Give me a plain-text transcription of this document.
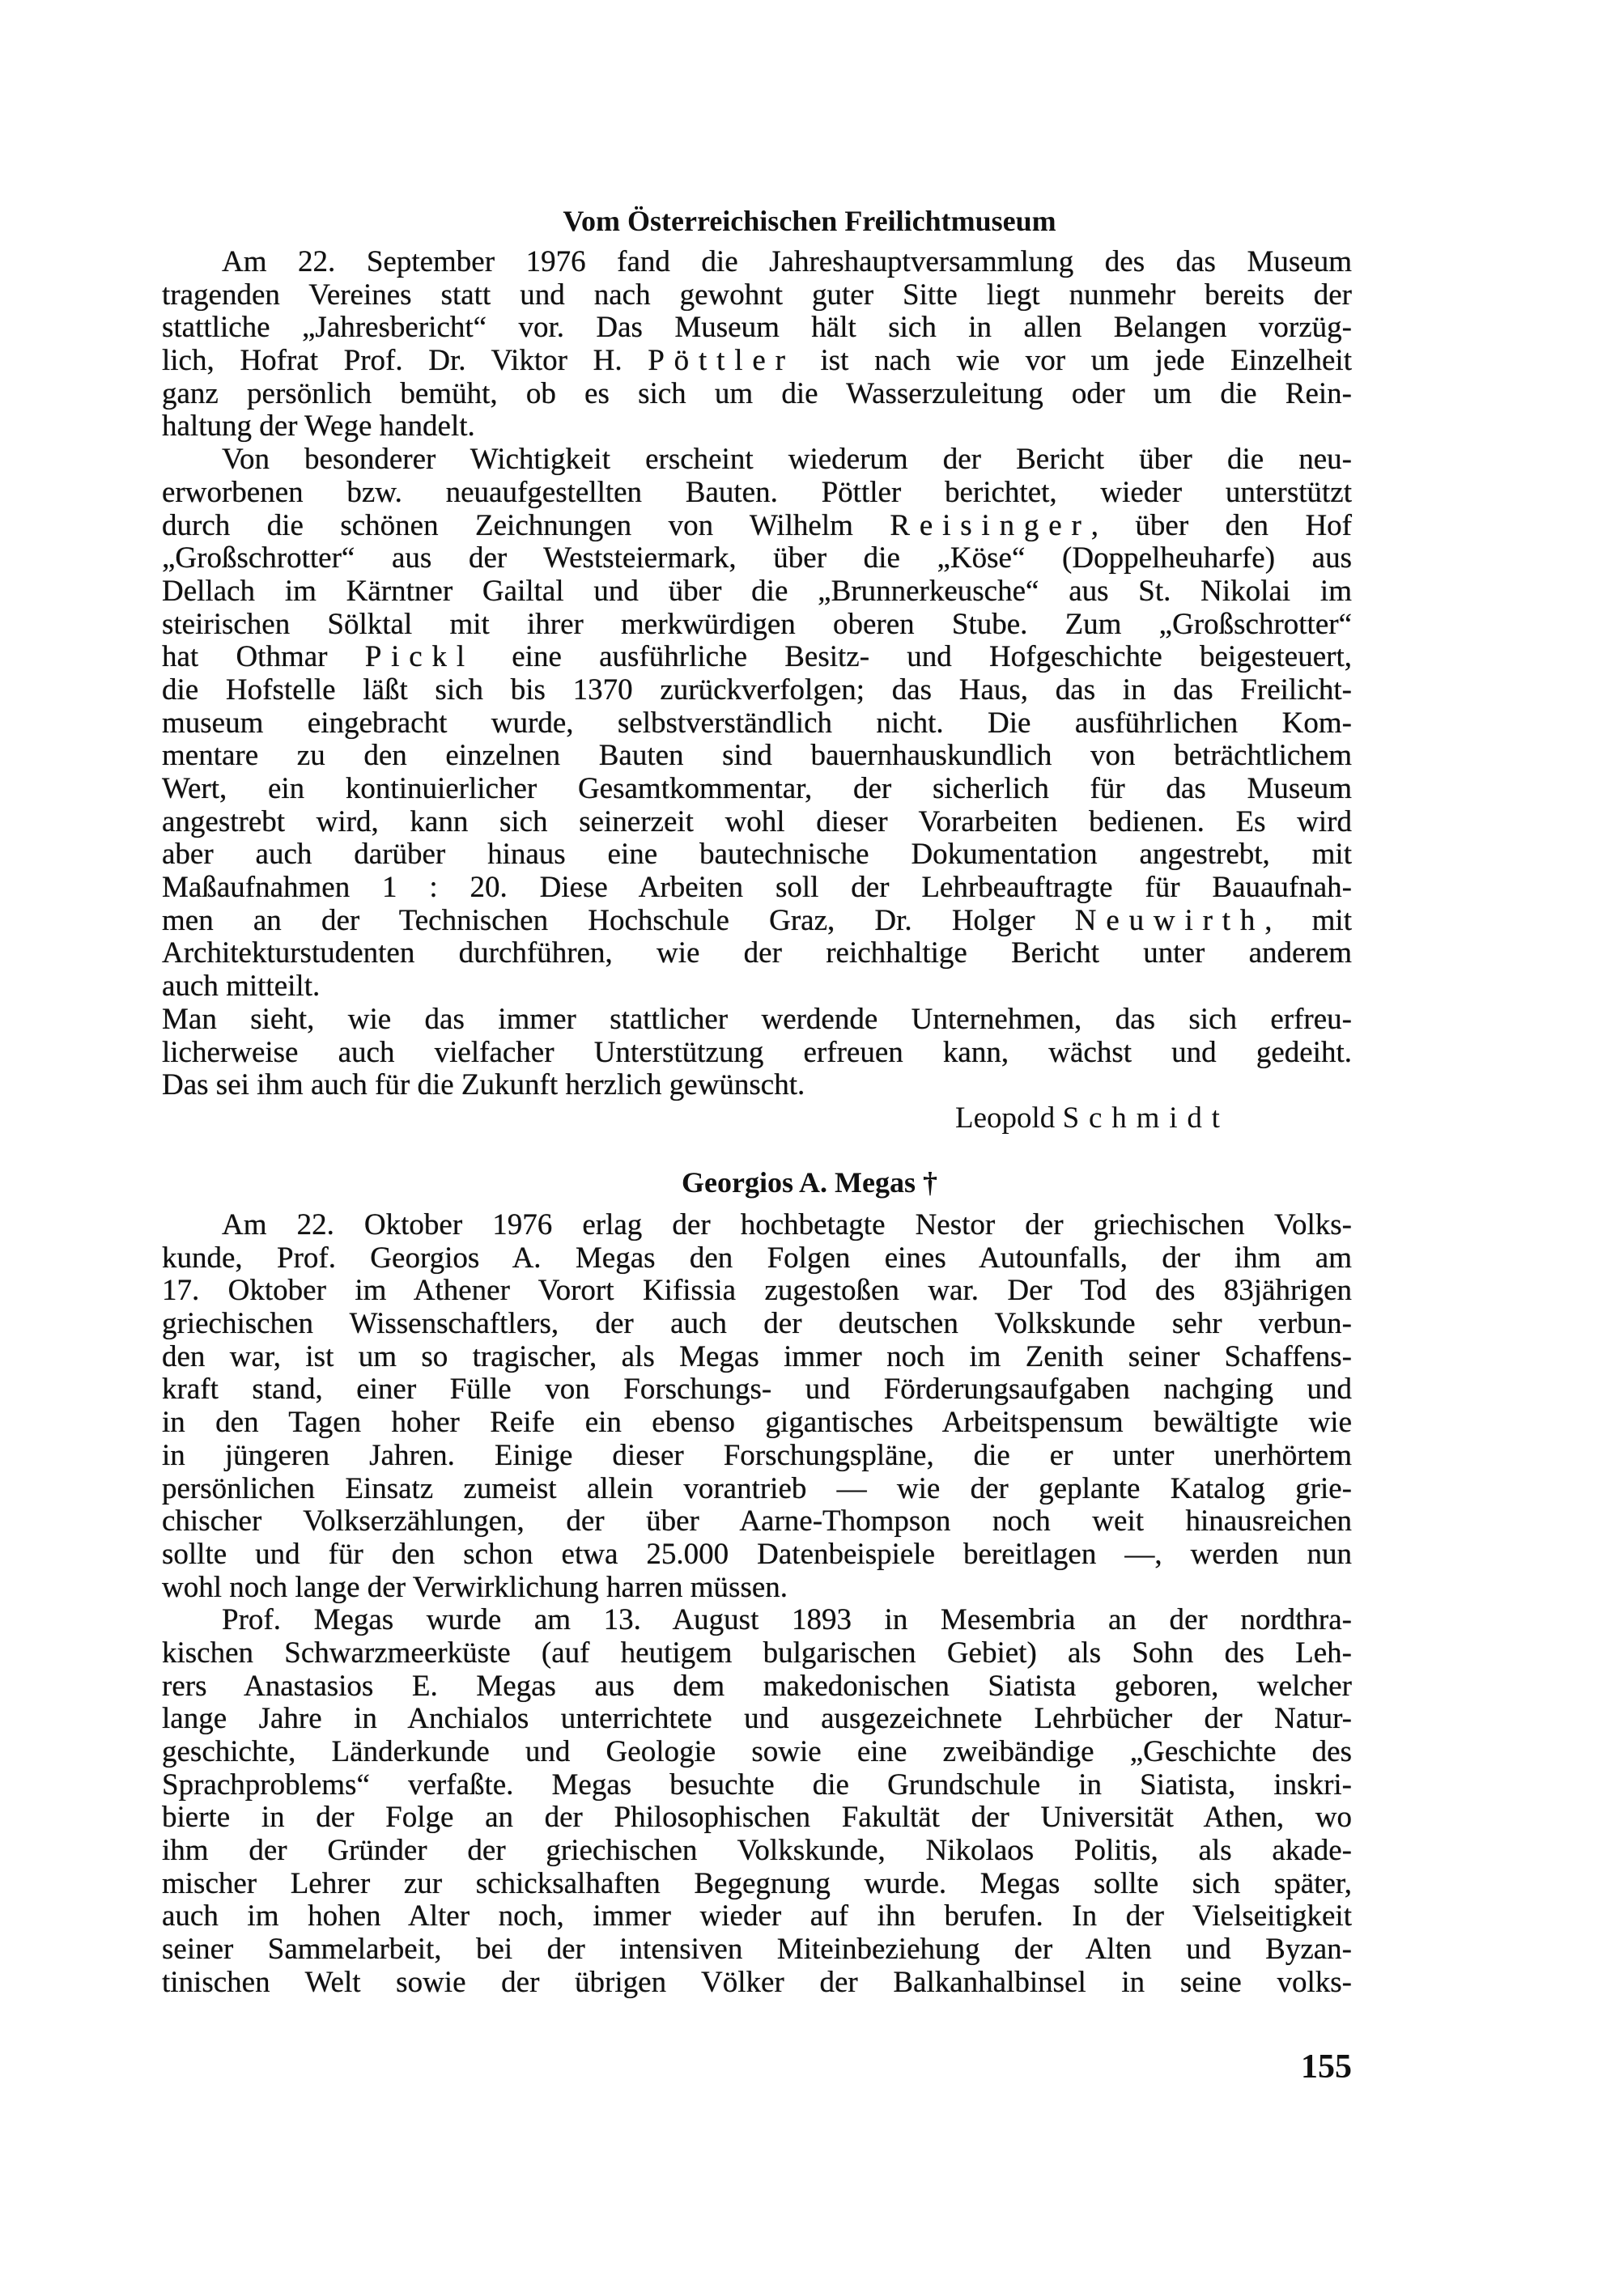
Vom Österreichischen Freilichtmuseum
Am 22. September 1976 fand die Jahreshauptversammlung des das Museum
tragenden Vereines statt und nach gewohnt guter Sitte liegt nunmehr bereits der
stattliche „Jahresbericht“ vor. Das Museum hält sich in allen Belangen vorzüg-
lich, Hofrat Prof. Dr. Viktor H. Pöttler ist nach wie vor um jede Einzelheit
ganz persönlich bemüht, ob es sich um die Wasserzuleitung oder um die Rein-
haltung der Wege handelt.
Von besonderer Wichtigkeit erscheint wiederum der Bericht über die neu-
erworbenen bzw. neuaufgestellten Bauten. Pöttler berichtet, wieder unterstützt
durch die schönen Zeichnungen von Wilhelm Reisinger, über den Hof
„Großschrotter“ aus der Weststeiermark, über die „Köse“ (Doppelheuharfe) aus
Dellach im Kärntner Gailtal und über die „Brunnerkeusche“ aus St. Nikolai im
steirischen Sölktal mit ihrer merkwürdigen oberen Stube. Zum „Großschrotter“
hat Othmar Pickl eine ausführliche Besitz- und Hofgeschichte beigesteuert,
die Hofstelle läßt sich bis 1370 zurückverfolgen; das Haus, das in das Freilicht-
museum eingebracht wurde, selbstverständlich nicht. Die ausführlichen Kom-
mentare zu den einzelnen Bauten sind bauernhauskundlich von beträchtlichem
Wert, ein kontinuierlicher Gesamtkommentar, der sicherlich für das Museum
angestrebt wird, kann sich seinerzeit wohl dieser Vorarbeiten bedienen. Es wird
aber auch darüber hinaus eine bautechnische Dokumentation angestrebt, mit
Maßaufnahmen 1 : 20. Diese Arbeiten soll der Lehrbeauftragte für Bauaufnah-
men an der Technischen Hochschule Graz, Dr. Holger Neuwirth, mit
Architekturstudenten durchführen, wie der reichhaltige Bericht unter anderem
auch mitteilt.
Man sieht, wie das immer stattlicher werdende Unternehmen, das sich erfreu-
licherweise auch vielfacher Unterstützung erfreuen kann, wächst und gedeiht.
Das sei ihm auch für die Zukunft herzlich gewünscht.
Leopold Schmidt
Georgios A. Megas †
Am 22. Oktober 1976 erlag der hochbetagte Nestor der griechischen Volks-
kunde, Prof. Georgios A. Megas den Folgen eines Autounfalls, der ihm am
17. Oktober im Athener Vorort Kifissia zugestoßen war. Der Tod des 83jährigen
griechischen Wissenschaftlers, der auch der deutschen Volkskunde sehr verbun-
den war, ist um so tragischer, als Megas immer noch im Zenith seiner Schaffens-
kraft stand, einer Fülle von Forschungs- und Förderungsaufgaben nachging und
in den Tagen hoher Reife ein ebenso gigantisches Arbeitspensum bewältigte wie
in jüngeren Jahren. Einige dieser Forschungspläne, die er unter unerhörtem
persönlichen Einsatz zumeist allein vorantrieb — wie der geplante Katalog grie-
chischer Volkserzählungen, der über Aarne-Thompson noch weit hinausreichen
sollte und für den schon etwa 25.000 Datenbeispiele bereitlagen —, werden nun
wohl noch lange der Verwirklichung harren müssen.
Prof. Megas wurde am 13. August 1893 in Mesembria an der nordthra-
kischen Schwarzmeerküste (auf heutigem bulgarischen Gebiet) als Sohn des Leh-
rers Anastasios E. Megas aus dem makedonischen Siatista geboren, welcher
lange Jahre in Anchialos unterrichtete und ausgezeichnete Lehrbücher der Natur-
geschichte, Länderkunde und Geologie sowie eine zweibändige „Geschichte des
Sprachproblems“ verfaßte. Megas besuchte die Grundschule in Siatista, inskri-
bierte in der Folge an der Philosophischen Fakultät der Universität Athen, wo
ihm der Gründer der griechischen Volkskunde, Nikolaos Politis, als akade-
mischer Lehrer zur schicksalhaften Begegnung wurde. Megas sollte sich später,
auch im hohen Alter noch, immer wieder auf ihn berufen. In der Vielseitigkeit
seiner Sammelarbeit, bei der intensiven Miteinbeziehung der Alten und Byzan-
tinischen Welt sowie der übrigen Völker der Balkanhalbinsel in seine volks-
155
